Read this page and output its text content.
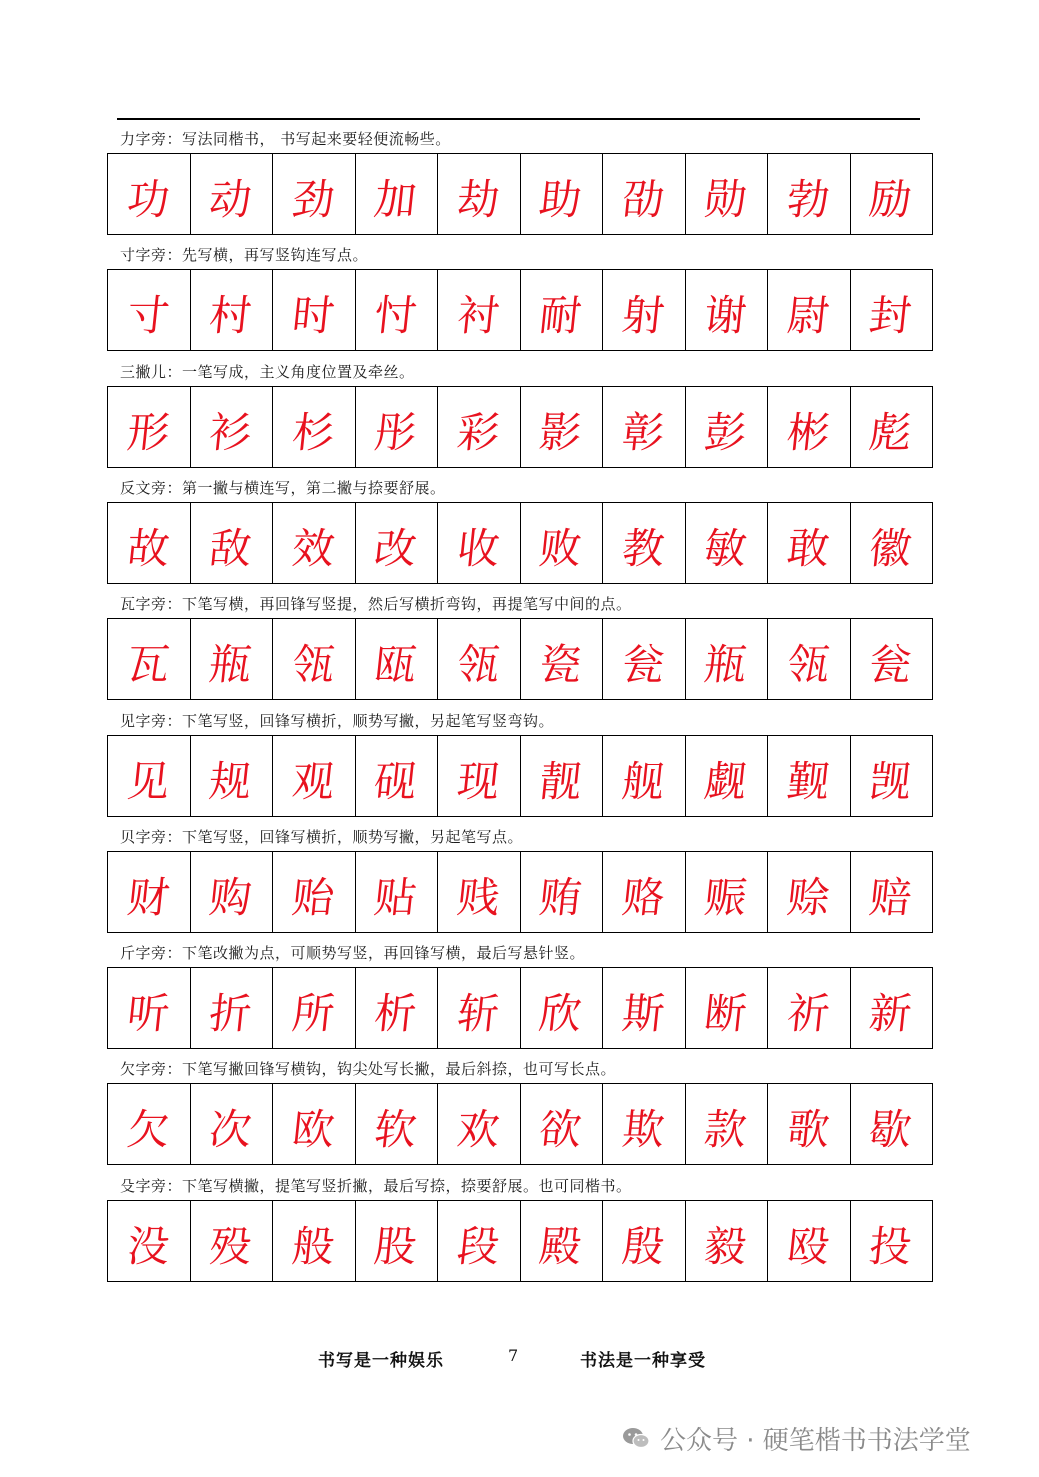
力字旁：写法同楷书， 书写起来要轻便流畅些。
功 动 劲 加 劫 助 劭 勋 勃 励
寸字旁：先写横，再写竖钩连写点。
寸 村 时 忖 衬 耐 射 谢 尉 封
三撇儿：一笔写成，主义角度位置及牵丝。
形 衫 杉 彤 彩 影 彰 彭 彬 彪
反文旁：第一撇与横连写，第二撇与捺要舒展。
故 敌 效 改 收 败 教 敏 敢 徽
瓦字旁：下笔写横，再回锋写竖提，然后写横折弯钩，再提笔写中间的点。
瓦 瓶 瓴 瓯 瓴 瓷 瓮 瓶 瓴 瓮
见字旁：下笔写竖，回锋写横折，顺势写撇，另起笔写竖弯钩。
见 规 观 砚 现 靓 舰 觑 觐 觊
贝字旁：下笔写竖，回锋写横折，顺势写撇，另起笔写点。
财 购 贻 贴 贱 贿 赂 赈 赊 赔
斤字旁：下笔改撇为点，可顺势写竖，再回锋写横，最后写悬针竖。
听 折 所 析 斩 欣 斯 断 祈 新
欠字旁：下笔写撇回锋写横钩，钩尖处写长撇，最后斜捺，也可写长点。
欠 次 欧 软 欢 欲 欺 款 歌 歇
殳字旁：下笔写横撇，提笔写竖折撇，最后写捺，捺要舒展。也可同楷书。
没 殁 般 股 段 殿 殷 毅 殴 投
书写是一种娱乐	7	书法是一种享受
公众号 · 硬笔楷书书法学堂
